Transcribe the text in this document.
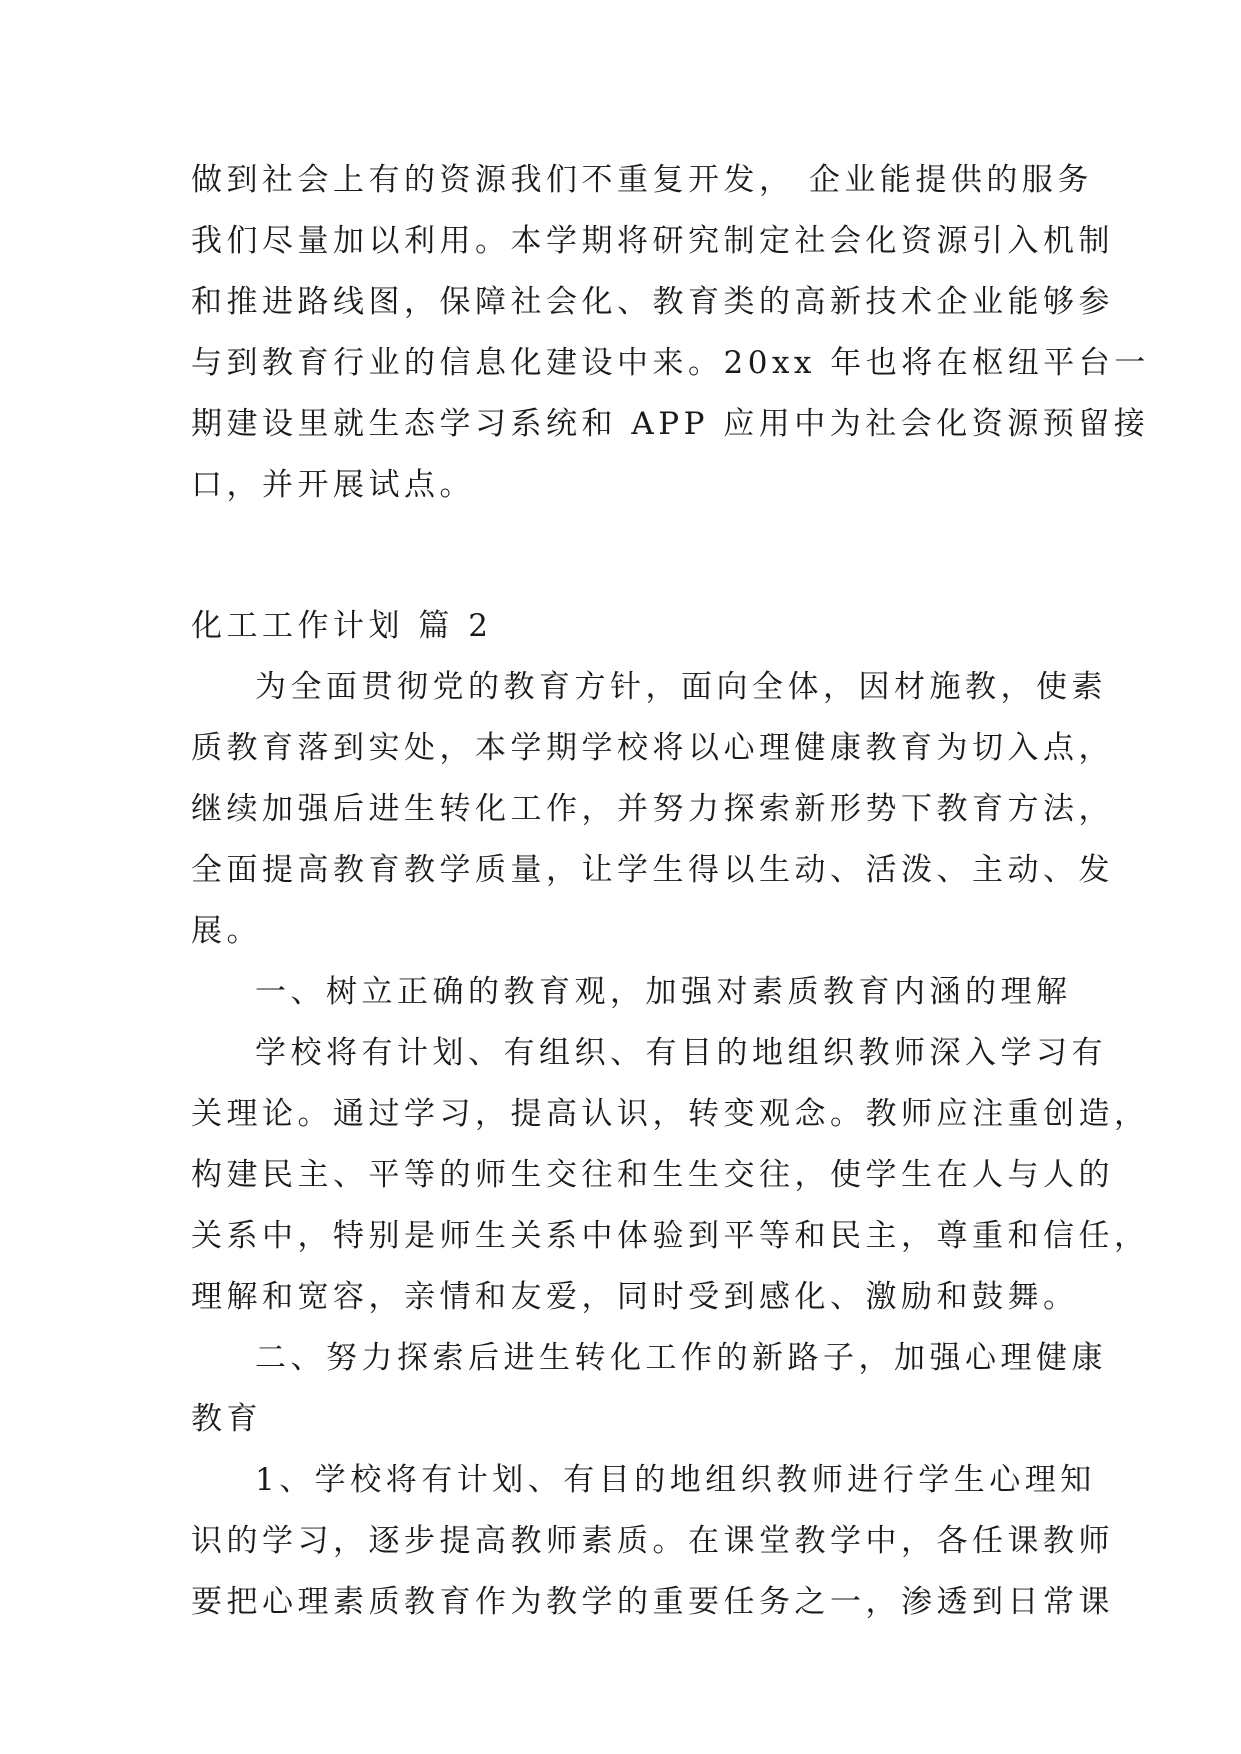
做到社会上有的资源我们不重复开发， 企业能提供的服务
我们尽量加以利用。本学期将研究制定社会化资源引入机制
和推进路线图，保障社会化、教育类的高新技术企业能够参
与到教育行业的信息化建设中来。20xx 年也将在枢纽平台一
期建设里就生态学习系统和 APP 应用中为社会化资源预留接
口，并开展试点。
化工工作计划 篇 2
为全面贯彻党的教育方针，面向全体，因材施教，使素
质教育落到实处，本学期学校将以心理健康教育为切入点，
继续加强后进生转化工作，并努力探索新形势下教育方法，
全面提高教育教学质量，让学生得以生动、活泼、主动、发
展。
一、树立正确的教育观，加强对素质教育内涵的理解
学校将有计划、有组织、有目的地组织教师深入学习有
关理论。通过学习，提高认识，转变观念。教师应注重创造，
构建民主、平等的师生交往和生生交往，使学生在人与人的
关系中，特别是师生关系中体验到平等和民主，尊重和信任，
理解和宽容，亲情和友爱，同时受到感化、激励和鼓舞。
二、努力探索后进生转化工作的新路子，加强心理健康
教育
1、学校将有计划、有目的地组织教师进行学生心理知
识的学习，逐步提高教师素质。在课堂教学中，各任课教师
要把心理素质教育作为教学的重要任务之一，渗透到日常课
